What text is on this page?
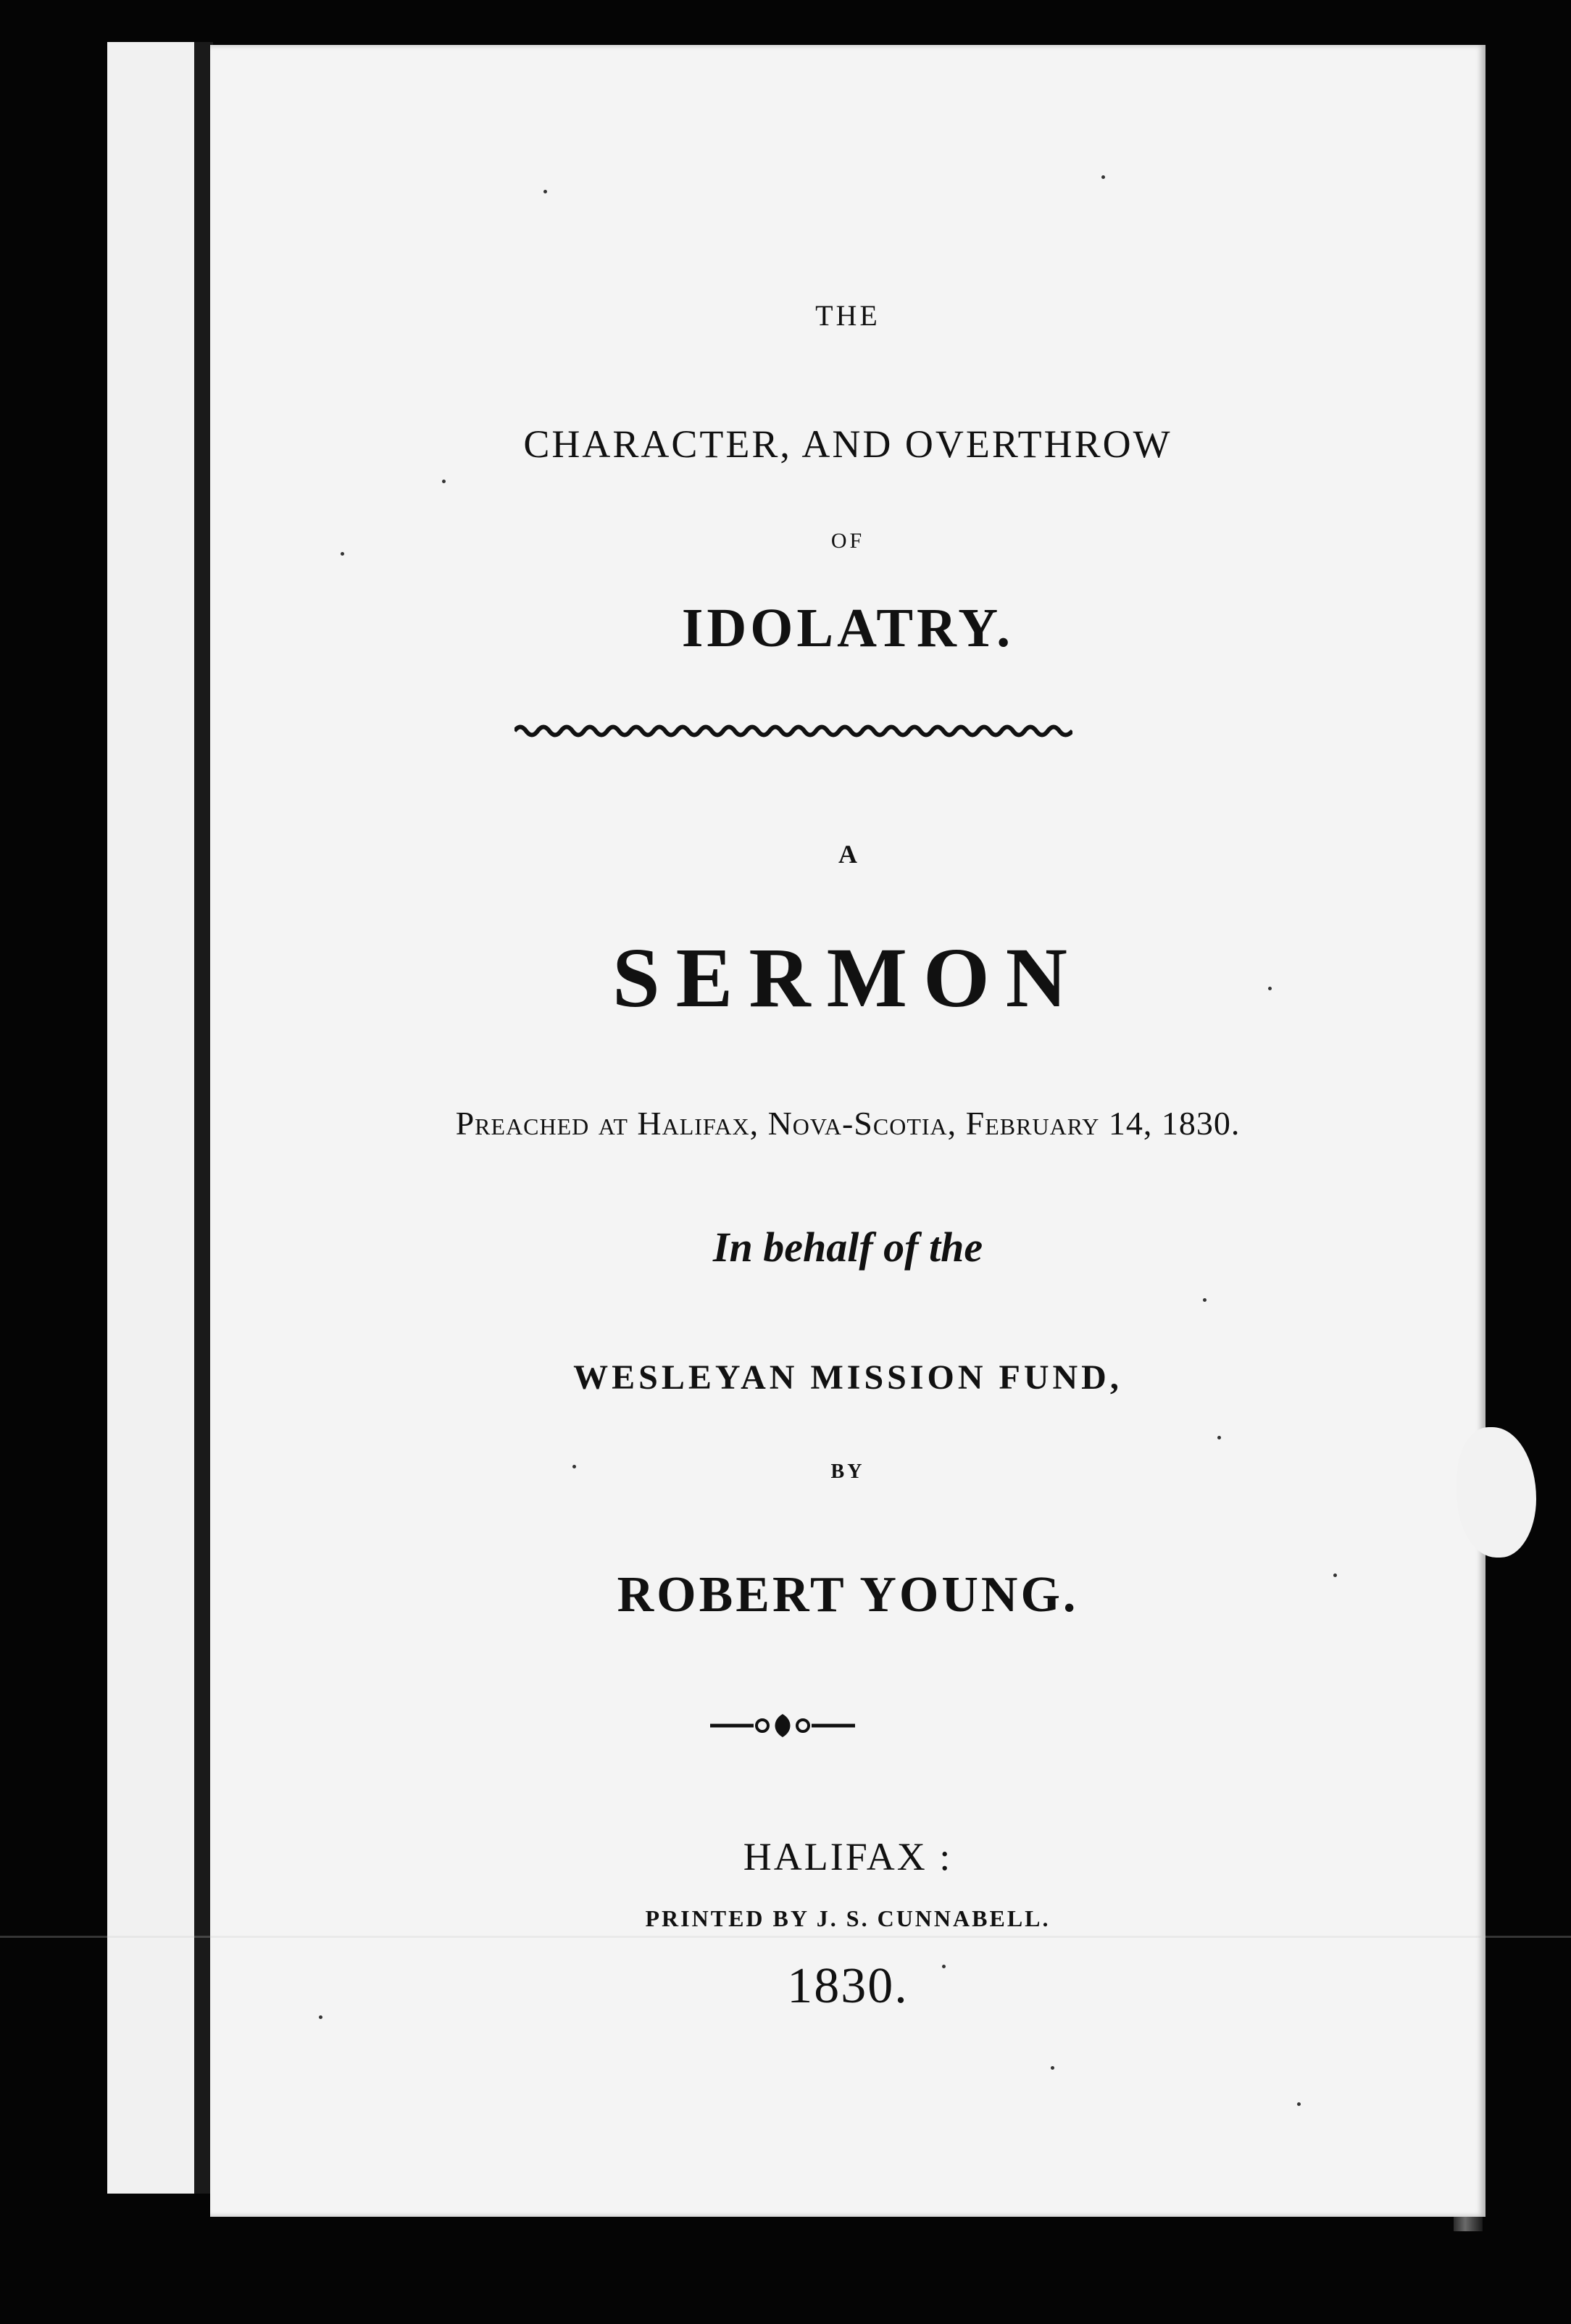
THE
CHARACTER, AND OVERTHROW
OF
IDOLATRY.
A
SERMON
Preached at Halifax, Nova-Scotia, February 14, 1830.
In behalf of the
WESLEYAN MISSION FUND,
BY
ROBERT YOUNG.
HALIFAX :
PRINTED BY J. S. CUNNABELL.
1830.
